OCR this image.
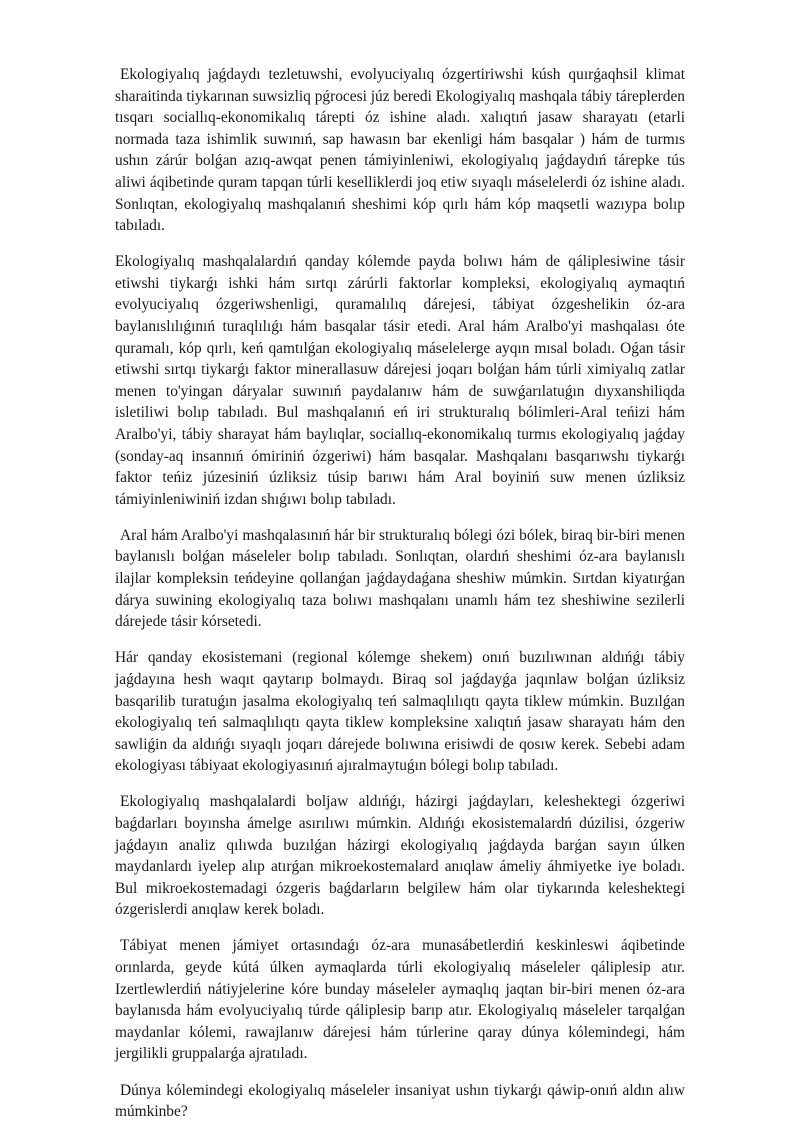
Ekologiyalıq jaǵdaydı tezletuwshi, evolyuciyalıq ózgertiriwshi kúsh quırǵaqhsil klimat sharaitinda tiykarınan suwsizliq pǵrocesi júz beredi Ekologiyalıq mashqala tábiy táreplerden tısqarı sociallıq-ekonomikalıq tárepti óz ishine aladı. xalıqtıń jasaw sharayatı (etarli normada taza ishimlik suwınıń, sap hawasın bar ekenligi hám basqalar ) hám de turmıs ushın zárúr bolǵan azıq-awqat penen támiyinleniwi, ekologiyalıq jaǵdaydıń tárepke tús aliwi áqibetinde quram tapqan túrli keselliklerdi joq etiw sıyaqlı máselelerdi óz ishine aladı. Sonlıqtan, ekologiyalıq mashqalanıń sheshimi kóp qırlı hám kóp maqsetli wazıypa bolıp tabıladı.

Ekologiyalıq mashqalalardıń qanday kólemde payda bolıwı hám de qáliplesiwine tásir etiwshi tiykarǵı ishki hám sırtqı zárúrli faktorlar kompleksi, ekologiyalıq aymaqtıń evolyuciyalıq ózgeriwshenligi, quramalılıq dárejesi, tábiyat ózgeshelikin óz-ara baylanıslılıǵınıń turaqlılıǵı hám basqalar tásir etedi. Aral hám Aralbo'yi mashqalası óte quramalı, kóp qırlı, keń qamtılǵan ekologiyalıq máselelerge ayqın mısal boladı. Oǵan tásir etiwshi sırtqı tiykarǵı faktor minerallasuw dárejesi joqarı bolǵan hám túrli ximiyalıq zatlar menen to'yingan dáryalar suwınıń paydalanıw hám de suwǵarılatuǵın dıyxanshiliqda isletiliwi bolıp tabıladı. Bul mashqalanıń eń iri strukturalıq bólimleri-Aral teńizi hám Aralbo'yi, tábiy sharayat hám baylıqlar, sociallıq-ekonomikalıq turmıs ekologiyalıq jaǵday (sonday-aq insannıń ómiriniń ózgeriwi) hám basqalar. Mashqalanı basqarıwshı tiykarǵı faktor teńiz júzesiniń úzliksiz túsip barıwı hám Aral boyiniń suw menen úzliksiz támiyinleniwiniń izdan shıǵıwı bolıp tabıladı.

Aral hám Aralbo'yi mashqalasınıń hár bir strukturalıq bólegi ózi bólek, biraq bir-biri menen baylanıslı bolǵan máseleler bolıp tabıladı. Sonlıqtan, olardıń sheshimi óz-ara baylanıslı ilajlar kompleksin teńdeyine qollanǵan jaǵdaydaǵana sheshiw múmkin. Sırtdan kiyatırǵan dárya suwining ekologiyalıq taza bolıwı mashqalanı unamlı hám tez sheshiwine sezilerli dárejede tásir kórsetedi.

Hár qanday ekosistemani (regional kólemge shekem) onıń buzılıwınan aldıńǵı tábiy jaǵdayına hesh waqıt qaytarıp bolmaydı. Biraq sol jaǵdayǵa jaqınlaw bolǵan úzliksiz basqarilib turatuǵın jasalma ekologiyalıq teń salmaqlılıqtı qayta tiklew múmkin. Buzılǵan ekologiyalıq teń salmaqlılıqtı qayta tiklew kompleksine xalıqtıń jasaw sharayatı hám den sawliǵin da aldıńǵı sıyaqlı joqarı dárejede bolıwına erisiwdi de qosıw kerek. Sebebi adam ekologiyası tábiyaat ekologiyasınıń ajıralmaytuǵın bólegi bolıp tabıladı.

Ekologiyalıq mashqalalardi boljaw aldıńǵı, házirgi jaǵdayları, keleshektegi ózgeriwi baǵdarları boyınsha ámelge asırılıwı múmkin. Aldıńǵı ekosistemalardń dúzilisi, ózgeriw jaǵdayın analiz qılıwda buzılǵan házirgi ekologiyalıq jaǵdayda barǵan sayın úlken maydanlardı iyelep alıp atırǵan mikroekostemalard anıqlaw ámeliy áhmiyetke iye boladı. Bul mikroekostemadagi ózgeris baǵdarların belgilew hám olar tiykarında keleshektegi ózgerislerdi anıqlaw kerek boladı.

Tábiyat menen jámiyet ortasındaǵı óz-ara munasábetlerdiń keskinleswi áqibetinde orınlarda, geyde kútá úlken aymaqlarda túrli ekologiyalıq máseleler qáliplesip atır. Izertlewlerdiń nátiyjelerine kóre bunday máseleler aymaqlıq jaqtan bir-biri menen óz-ara baylanısda hám evolyuciyalıq túrde qáliplesip barıp atır. Ekologiyalıq máseleler tarqalǵan maydanlar kólemi, rawajlanıw dárejesi hám túrlerine qaray dúnya kólemindegi, hám jergilikli gruppalarǵa ajratıladı.

Dúnya kólemindegi ekologiyalıq máseleler insaniyat ushın tiykarǵı qáwip-onıń aldın alıw múmkinbe?
